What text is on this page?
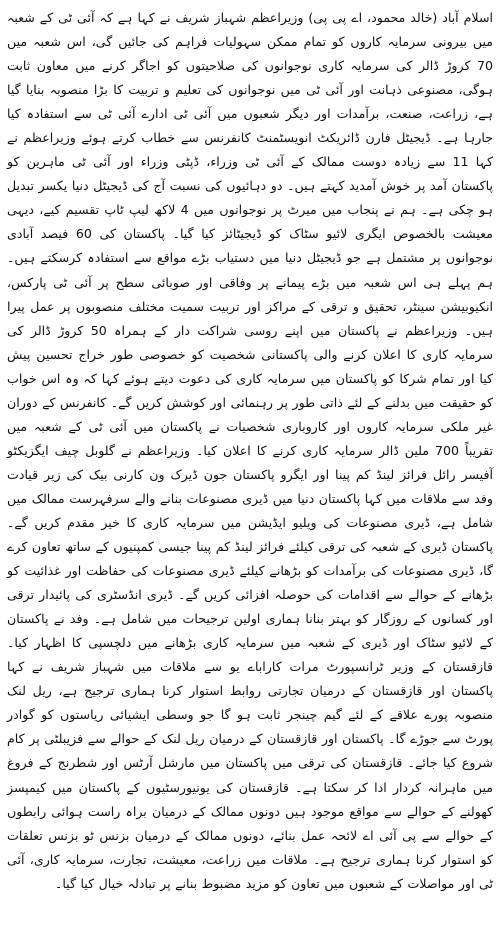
اسلام آباد (خالد محمود، اے پی پی) وزیراعظم شہباز شریف نے کہا ہے کہ آئی ٹی کے شعبہ میں بیرونی سرمایہ کاروں کو تمام ممکن سہولیات فراہم کی جائیں گی، اس شعبہ میں 70 کروڑ ڈالر کی سرمایہ کاری نوجوانوں کی صلاحیتوں کو اجاگر کرنے میں معاون ثابت ہوگی، مصنوعی ذہانت اور آئی ٹی میں نوجوانوں کی تعلیم و تربیت کا بڑا منصوبہ بنایا گیا ہے، زراعت، صنعت، برآمدات اور دیگر شعبوں میں آئی ٹی ادارے آئی ٹی سے استفادہ کیا جارہا ہے۔ ڈیجیٹل فارن ڈائریکٹ انویسٹمنٹ کانفرنس سے خطاب کرتے ہوئے وزیراعظم نے کہا 11 سے زیادہ دوست ممالک کے آئی ٹی وزراء، ڈپٹی وزراء اور آئی ٹی ماہرین کو پاکستان آمد پر خوش آمدید کہتے ہیں۔ دو دہائیوں کی نسبت آج کی ڈیجیٹل دنیا یکسر تبدیل ہو چکی ہے۔ ہم نے پنجاب میں میرٹ پر نوجوانوں میں 4 لاکھ لیپ ٹاپ تقسیم کیے، دیہی معیشت بالخصوص ایگری لائیو سٹاک کو ڈیجیٹائز کیا گیا۔ پاکستان کی 60 فیصد آبادی نوجوانوں پر مشتمل ہے جو ڈیجیٹل دنیا میں دستیاب بڑے مواقع سے استفادہ کرسکتے ہیں۔ ہم پہلے ہی اس شعبہ میں بڑے پیمانے پر وفاقی اور صوبائی سطح پر آئی ٹی پارکس، انکیوبیشن سینٹر، تحقیق و ترقی کے مراکز اور تربیت سمیت مختلف منصوبوں پر عمل پیرا ہیں۔ وزیراعظم نے پاکستان میں اپنے روسی شراکت دار کے ہمراہ 50 کروڑ ڈالر کی سرمایہ کاری کا اعلان کرنے والی پاکستانی شخصیت کو خصوصی طور خراج تحسین پیش کیا اور تمام شرکا کو پاکستان میں سرمایہ کاری کی دعوت دیتے ہوئے کہا کہ وہ اس خواب کو حقیقت میں بدلنے کے لئے ذاتی طور پر رہنمائی اور کوشش کریں گے۔ کانفرنس کے دوران غیر ملکی سرمایہ کاروں اور کاروباری شخصیات نے پاکستان میں آئی ٹی کے شعبہ میں تقریباً 700 ملین ڈالر سرمایہ کاری کرنے کا اعلان کیا۔ وزیراعظم نے گلوبل چیف ایگزیکٹو آفیسر رائل فرائز لینڈ کم پینا اور ایگرو پاکستان جون ڈیرک ون کارنی بیک کی زیر قیادت وفد سے ملاقات میں کہا پاکستان دنیا میں ڈیری مصنوعات بنانے والے سرفہرست ممالک میں شامل ہے، ڈیری مصنوعات کی ویلیو ایڈیشن میں سرمایہ کاری کا خیر مقدم کریں گے۔ پاکستان ڈیری کے شعبہ کی ترقی کیلئے فرائز لینڈ کم پینا جیسی کمپنیوں کے ساتھ تعاون کرے گا، ڈیری مصنوعات کی برآمدات کو بڑھانے کیلئے ڈیری مصنوعات کی حفاظت اور غذائیت کو بڑھانے کے حوالے سے اقدامات کی حوصلہ افزائی کریں گے۔ ڈیری انڈسٹری کی پائیدار ترقی اور کسانوں کے روزگار کو بہتر بنانا ہماری اولین ترجیحات میں شامل ہے۔ وفد نے پاکستان کے لائیو سٹاک اور ڈیری کے شعبہ میں سرمایہ کاری بڑھانے میں دلچسپی کا اظہار کیا۔ قازقستان کے وزیر ٹرانسپورٹ مرات کاراباے یو سے ملاقات میں شہباز شریف نے کہا پاکستان اور قازقستان کے درمیان تجارتی روابط استوار کرنا ہماری ترجیح ہے، ریل لنک منصوبہ پورے علاقے کے لئے گیم چینجر ثابت ہو گا جو وسطی ایشیائی ریاستوں کو گوادر پورٹ سے جوڑے گا۔ پاکستان اور قازقستان کے درمیان ریل لنک کے حوالے سے فزیبلٹی پر کام شروع کیا جائے۔ قازقستان کی ترقی میں پاکستان میں مارشل آرٹس اور شطرنج کے فروغ میں ماہرانہ کردار ادا کر سکتا ہے۔ قازقستان کی یونیورسٹیوں کے پاکستان میں کیمپسز کھولنے کے حوالے سے مواقع موجود ہیں دونوں ممالک کے درمیان براہ راست ہوائی رابطوں کے حوالے سے پی آئی اے لائحہ عمل بنائے، دونوں ممالک کے درمیان بزنس ٹو بزنس تعلقات کو استوار کرنا ہماری ترجیح ہے۔ ملاقات میں زراعت، معیشت، تجارت، سرمایہ کاری، آئی ٹی اور مواصلات کے شعبوں میں تعاون کو مزید مضبوط بنانے پر تبادلہ خیال کیا گیا۔
